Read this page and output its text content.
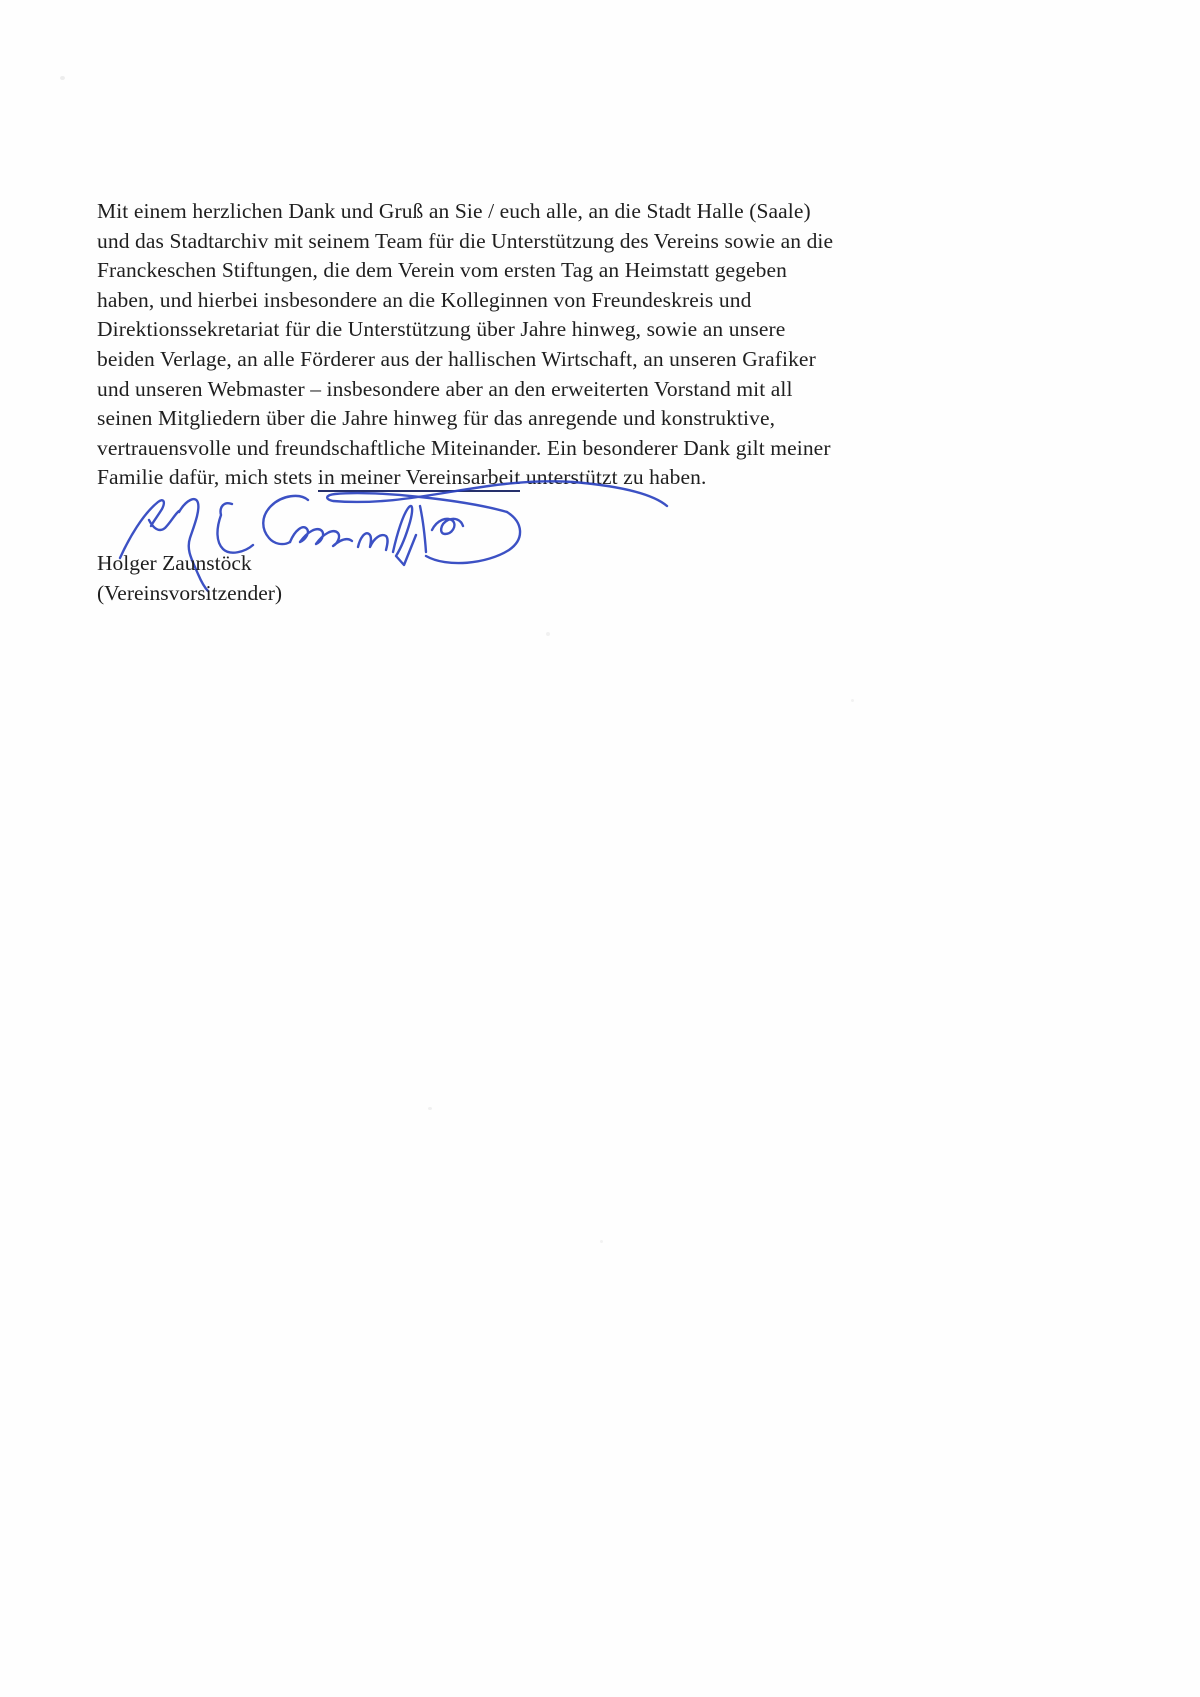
Mit einem herzlichen Dank und Gruß an Sie / euch alle, an die Stadt Halle (Saale)
und das Stadtarchiv mit seinem Team für die Unterstützung des Vereins sowie an die
Franckeschen Stiftungen, die dem Verein vom ersten Tag an Heimstatt gegeben
haben, und hierbei insbesondere an die Kolleginnen von Freundeskreis und
Direktionssekretariat für die Unterstützung über Jahre hinweg, sowie an unsere
beiden Verlage, an alle Förderer aus der hallischen Wirtschaft, an unseren Grafiker
und unseren Webmaster – insbesondere aber an den erweiterten Vorstand mit all
seinen Mitgliedern über die Jahre hinweg für das anregende und konstruktive,
vertrauensvolle und freundschaftliche Miteinander. Ein besonderer Dank gilt meiner
Familie dafür, mich stets in meiner Vereinsarbeit unterstützt zu haben.
Holger Zaunstöck
(Vereinsvorsitzender)
